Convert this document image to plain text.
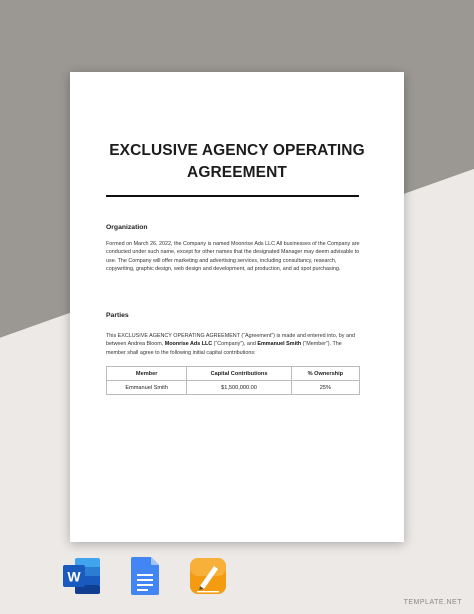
EXCLUSIVE AGENCY OPERATING
AGREEMENT
Organization

Formed on March 26, 2022, the Company is named Moonrise Ads LLC All businesses of the Company are conducted under such name, except for other names that the designated Manager may deem advisable to use. The Company will offer marketing and advertising services, including consultancy, research, copywriting, graphic design, web design and development, ad production, and ad spot purchasing.

Parties

This EXCLUSIVE AGENCY OPERATING AGREEMENT (“Agreement”) is made and entered into, by and between Andrea Bloom, Moonrise Ads LLC (“Company”), and Emmanuel Smith (“Member”). The member shall agree to the following initial capital contributions:

Member	Capital Contributions	% Ownership
Emmanuel Smith	$1,500,000.00	25%
W
TEMPLATE.NET
